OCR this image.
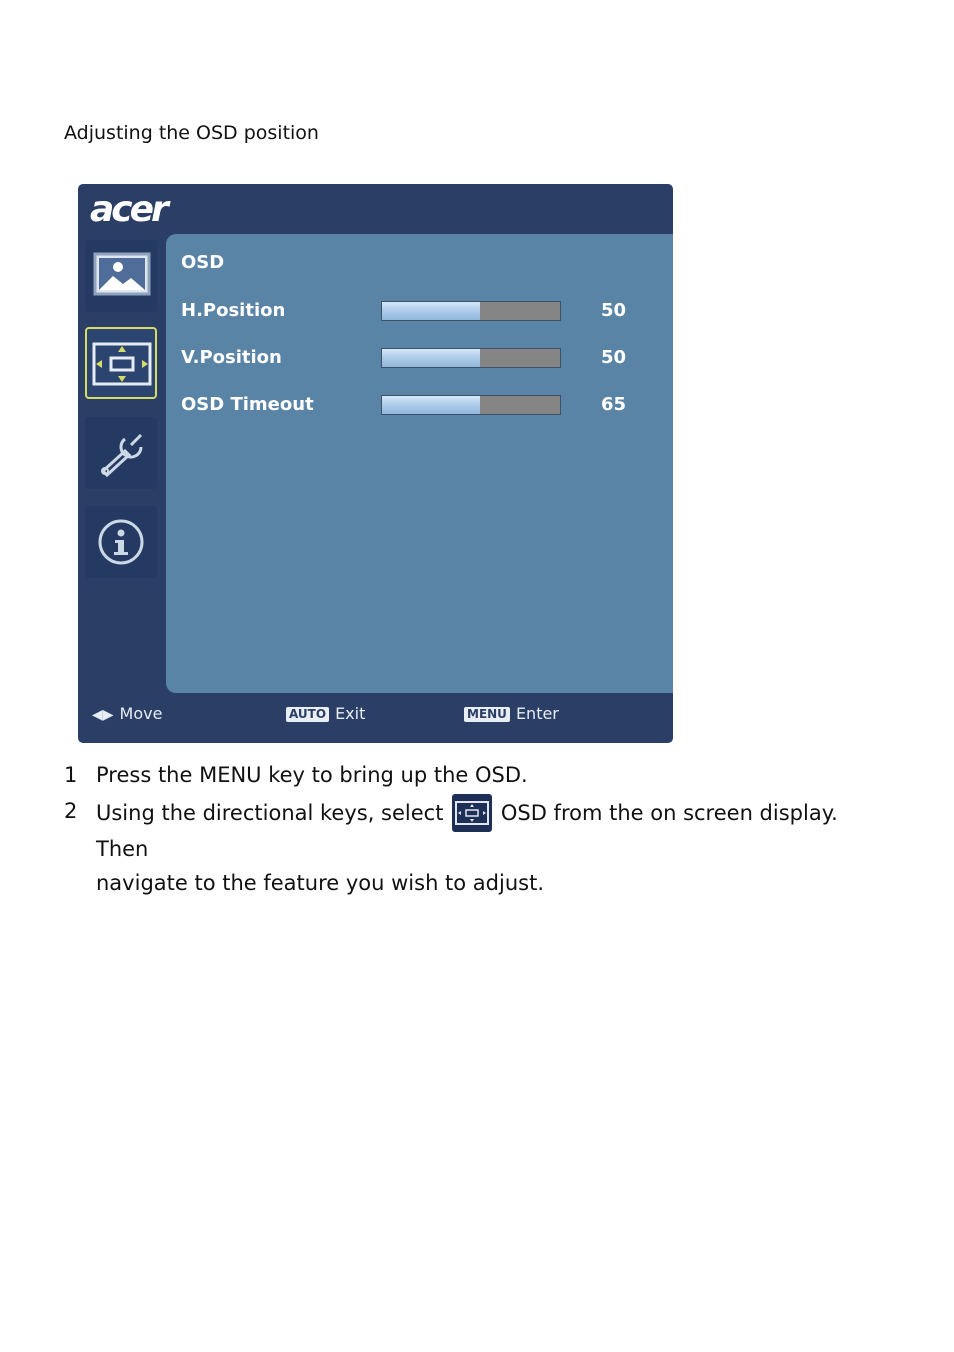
Adjusting the OSD position
acer
OSD
H.Position	50
V.Position	50
OSD Timeout	65
◀▶ Move	AUTO Exit	MENU Enter
1 Press the MENU key to bring up the OSD.
2 Using the directional keys, select	OSD from the on screen display. Then
navigate to the feature you wish to adjust.
